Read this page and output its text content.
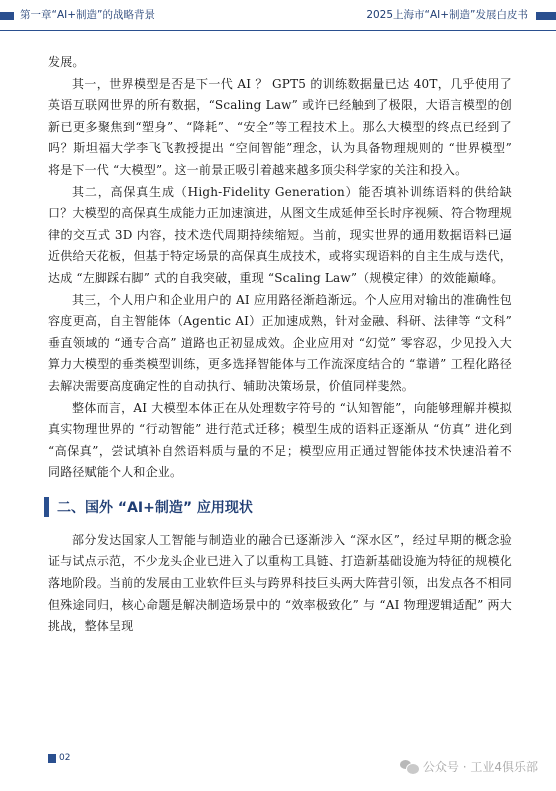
第一章“AI+制造”的战略背景	2025上海市“AI+制造”发展白皮书

发展。

其一，世界模型是否是下一代 AI ？ GPT5 的训练数据量已达 40T，几乎使用了英语互联网世界的所有数据，“Scaling Law” 或许已经触到了极限，大语言模型的创新已更多聚焦到“塑身”、“降耗”、“安全”等工程技术上。那么大模型的终点已经到了吗？斯坦福大学李飞飞教授提出 “空间智能”理念，认为具备物理规则的 “世界模型” 将是下一代 “大模型”。这一前景正吸引着越来越多顶尖科学家的关注和投入。

其二，高保真生成（High-Fidelity Generation）能否填补训练语料的供给缺口？大模型的高保真生成能力正加速演进，从图文生成延伸至长时序视频、符合物理规律的交互式 3D 内容，技术迭代周期持续缩短。当前，现实世界的通用数据语料已逼近供给天花板，但基于特定场景的高保真生成技术，或将实现语料的自主生成与迭代，达成 “左脚踩右脚” 式的自我突破，重现 “Scaling Law”（规模定律）的效能巅峰。

其三，个人用户和企业用户的 AI 应用路径渐趋渐远。个人应用对输出的准确性包容度更高，自主智能体（Agentic AI）正加速成熟，针对金融、科研、法律等 “文科” 垂直领域的 “通专合高” 道路也正初显成效。企业应用对 “幻觉” 零容忍，少见投入大算力大模型的垂类模型训练，更多选择智能体与工作流深度结合的 “靠谱” 工程化路径去解决需要高度确定性的自动执行、辅助决策场景，价值同样斐然。

整体而言，AI 大模型本体正在从处理数字符号的 “认知智能”，向能够理解并模拟真实物理世界的 “行动智能” 进行范式迁移；模型生成的语料正逐渐从 “仿真” 进化到 “高保真”，尝试填补自然语料质与量的不足；模型应用正通过智能体技术快速沿着不同路径赋能个人和企业。

二、国外 “AI+制造” 应用现状

部分发达国家人工智能与制造业的融合已逐渐涉入 “深水区”，经过早期的概念验证与试点示范，不少龙头企业已进入了以重构工具链、打造新基础设施为特征的规模化落地阶段。当前的发展由工业软件巨头与跨界科技巨头两大阵营引领，出发点各不相同但殊途同归，核心命题是解决制造场景中的 “效率极致化” 与 “AI 物理逻辑适配” 两大挑战，整体呈现

02
公众号 · 工业4俱乐部
